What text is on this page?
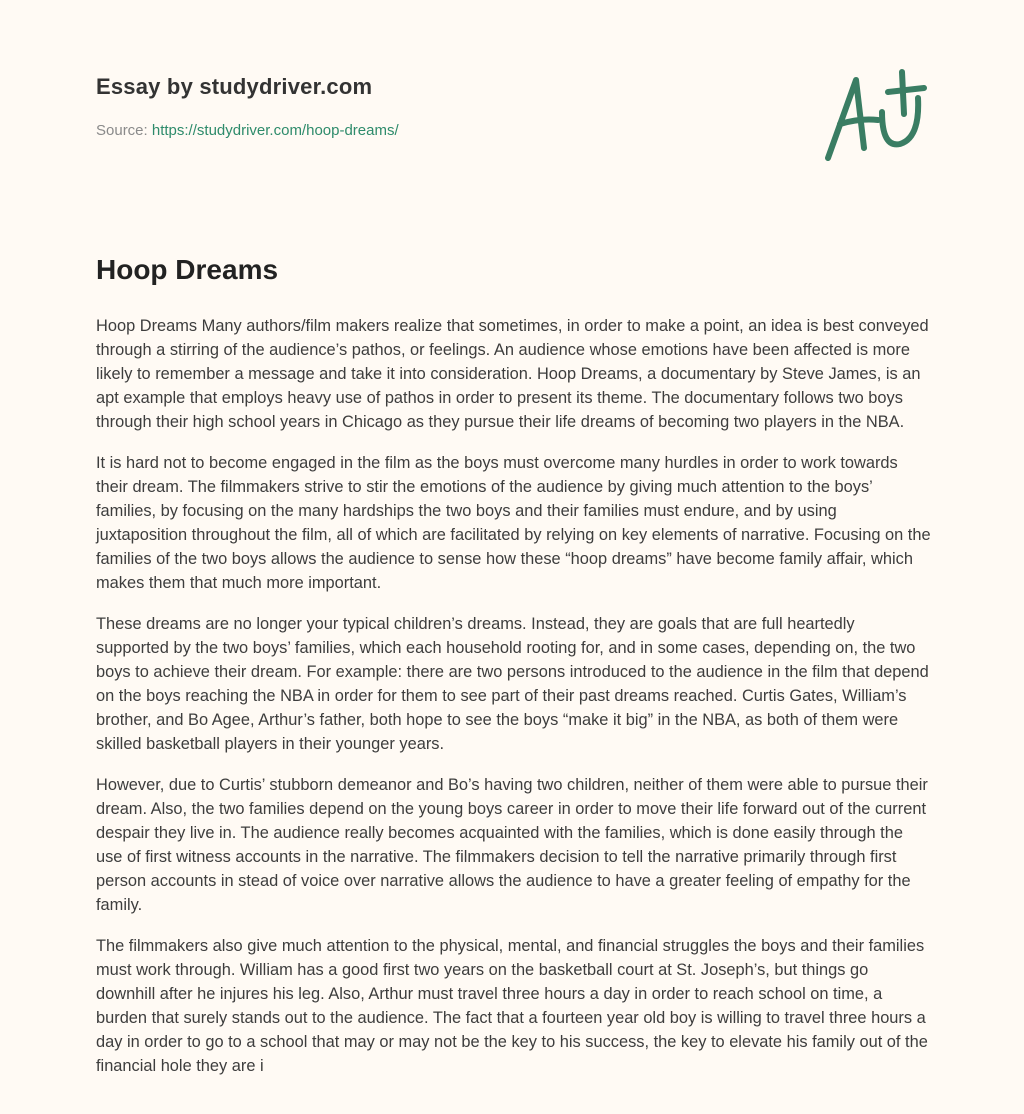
Essay by studydriver.com
Source: https://studydriver.com/hoop-dreams/
Hoop Dreams

Hoop Dreams Many authors/film makers realize that sometimes, in order to make a point, an idea is best conveyed through a stirring of the audience’s pathos, or feelings. An audience whose emotions have been affected is more likely to remember a message and take it into consideration. Hoop Dreams, a documentary by Steve James, is an apt example that employs heavy use of pathos in order to present its theme. The documentary follows two boys through their high school years in Chicago as they pursue their life dreams of becoming two players in the NBA.

It is hard not to become engaged in the film as the boys must overcome many hurdles in order to work towards their dream. The filmmakers strive to stir the emotions of the audience by giving much attention to the boys’ families, by focusing on the many hardships the two boys and their families must endure, and by using juxtaposition throughout the film, all of which are facilitated by relying on key elements of narrative. Focusing on the families of the two boys allows the audience to sense how these “hoop dreams” have become family affair, which makes them that much more important.

These dreams are no longer your typical children’s dreams. Instead, they are goals that are full heartedly supported by the two boys’ families, which each household rooting for, and in some cases, depending on, the two boys to achieve their dream. For example: there are two persons introduced to the audience in the film that depend on the boys reaching the NBA in order for them to see part of their past dreams reached. Curtis Gates, William’s brother, and Bo Agee, Arthur’s father, both hope to see the boys “make it big” in the NBA, as both of them were skilled basketball players in their younger years.

However, due to Curtis’ stubborn demeanor and Bo’s having two children, neither of them were able to pursue their dream. Also, the two families depend on the young boys career in order to move their life forward out of the current despair they live in. The audience really becomes acquainted with the families, which is done easily through the use of first witness accounts in the narrative. The filmmakers decision to tell the narrative primarily through first person accounts in stead of voice over narrative allows the audience to have a greater feeling of empathy for the family.

The filmmakers also give much attention to the physical, mental, and financial struggles the boys and their families must work through. William has a good first two years on the basketball court at St. Joseph’s, but things go downhill after he injures his leg. Also, Arthur must travel three hours a day in order to reach school on time, a burden that surely stands out to the audience. The fact that a fourteen year old boy is willing to travel three hours a day in order to go to a school that may or may not be the key to his success, the key to elevate his family out of the financial hole they are i
